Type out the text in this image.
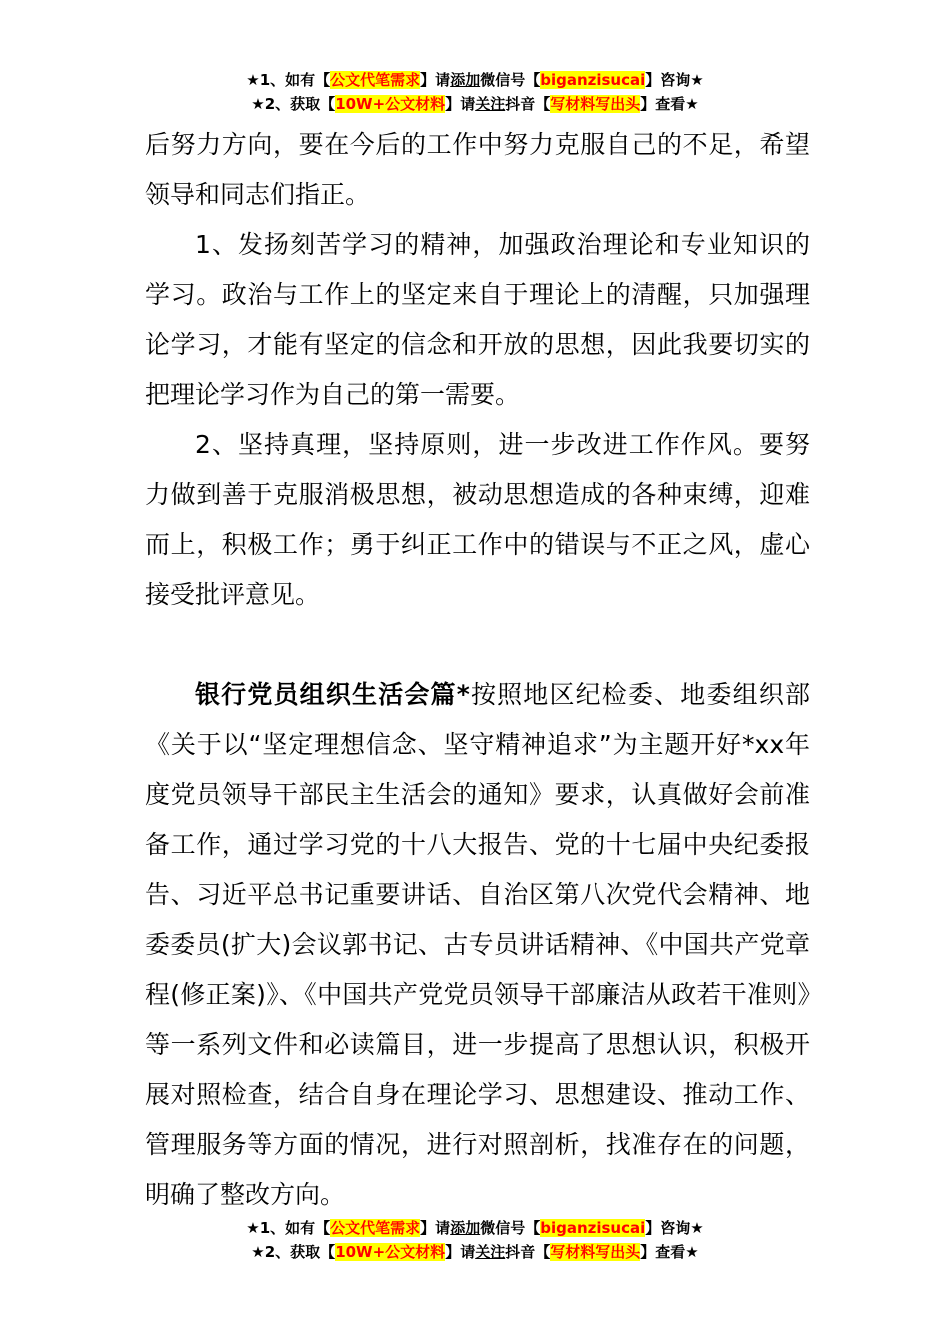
★1、如有【公文代笔需求】请添加微信号【biganzisucai】咨询★
★2、获取【10W+公文材料】请关注抖音【写材料写出头】查看★

后努力方向，要在今后的工作中努力克服自己的不足，希望领导和同志们指正。

1、发扬刻苦学习的精神，加强政治理论和专业知识的学习。政治与工作上的坚定来自于理论上的清醒，只加强理论学习，才能有坚定的信念和开放的思想，因此我要切实的把理论学习作为自己的第一需要。

2、坚持真理，坚持原则，进一步改进工作作风。要努力做到善于克服消极思想，被动思想造成的各种束缚，迎难而上，积极工作；勇于纠正工作中的错误与不正之风，虚心接受批评意见。

银行党员组织生活会篇*按照地区纪检委、地委组织部《关于以“坚定理想信念、坚守精神追求”为主题开好*xx年度党员领导干部民主生活会的通知》要求，认真做好会前准备工作，通过学习党的十八大报告、党的十七届中央纪委报告、习近平总书记重要讲话、自治区第八次党代会精神、地委委员(扩大)会议郭书记、古专员讲话精神、《中国共产党章程(修正案)》、《中国共产党党员领导干部廉洁从政若干准则》等一系列文件和必读篇目，进一步提高了思想认识，积极开展对照检查，结合自身在理论学习、思想建设、推动工作、管理服务等方面的情况，进行对照剖析，找准存在的问题，明确了整改方向。

★1、如有【公文代笔需求】请添加微信号【biganzisucai】咨询★
★2、获取【10W+公文材料】请关注抖音【写材料写出头】查看★
